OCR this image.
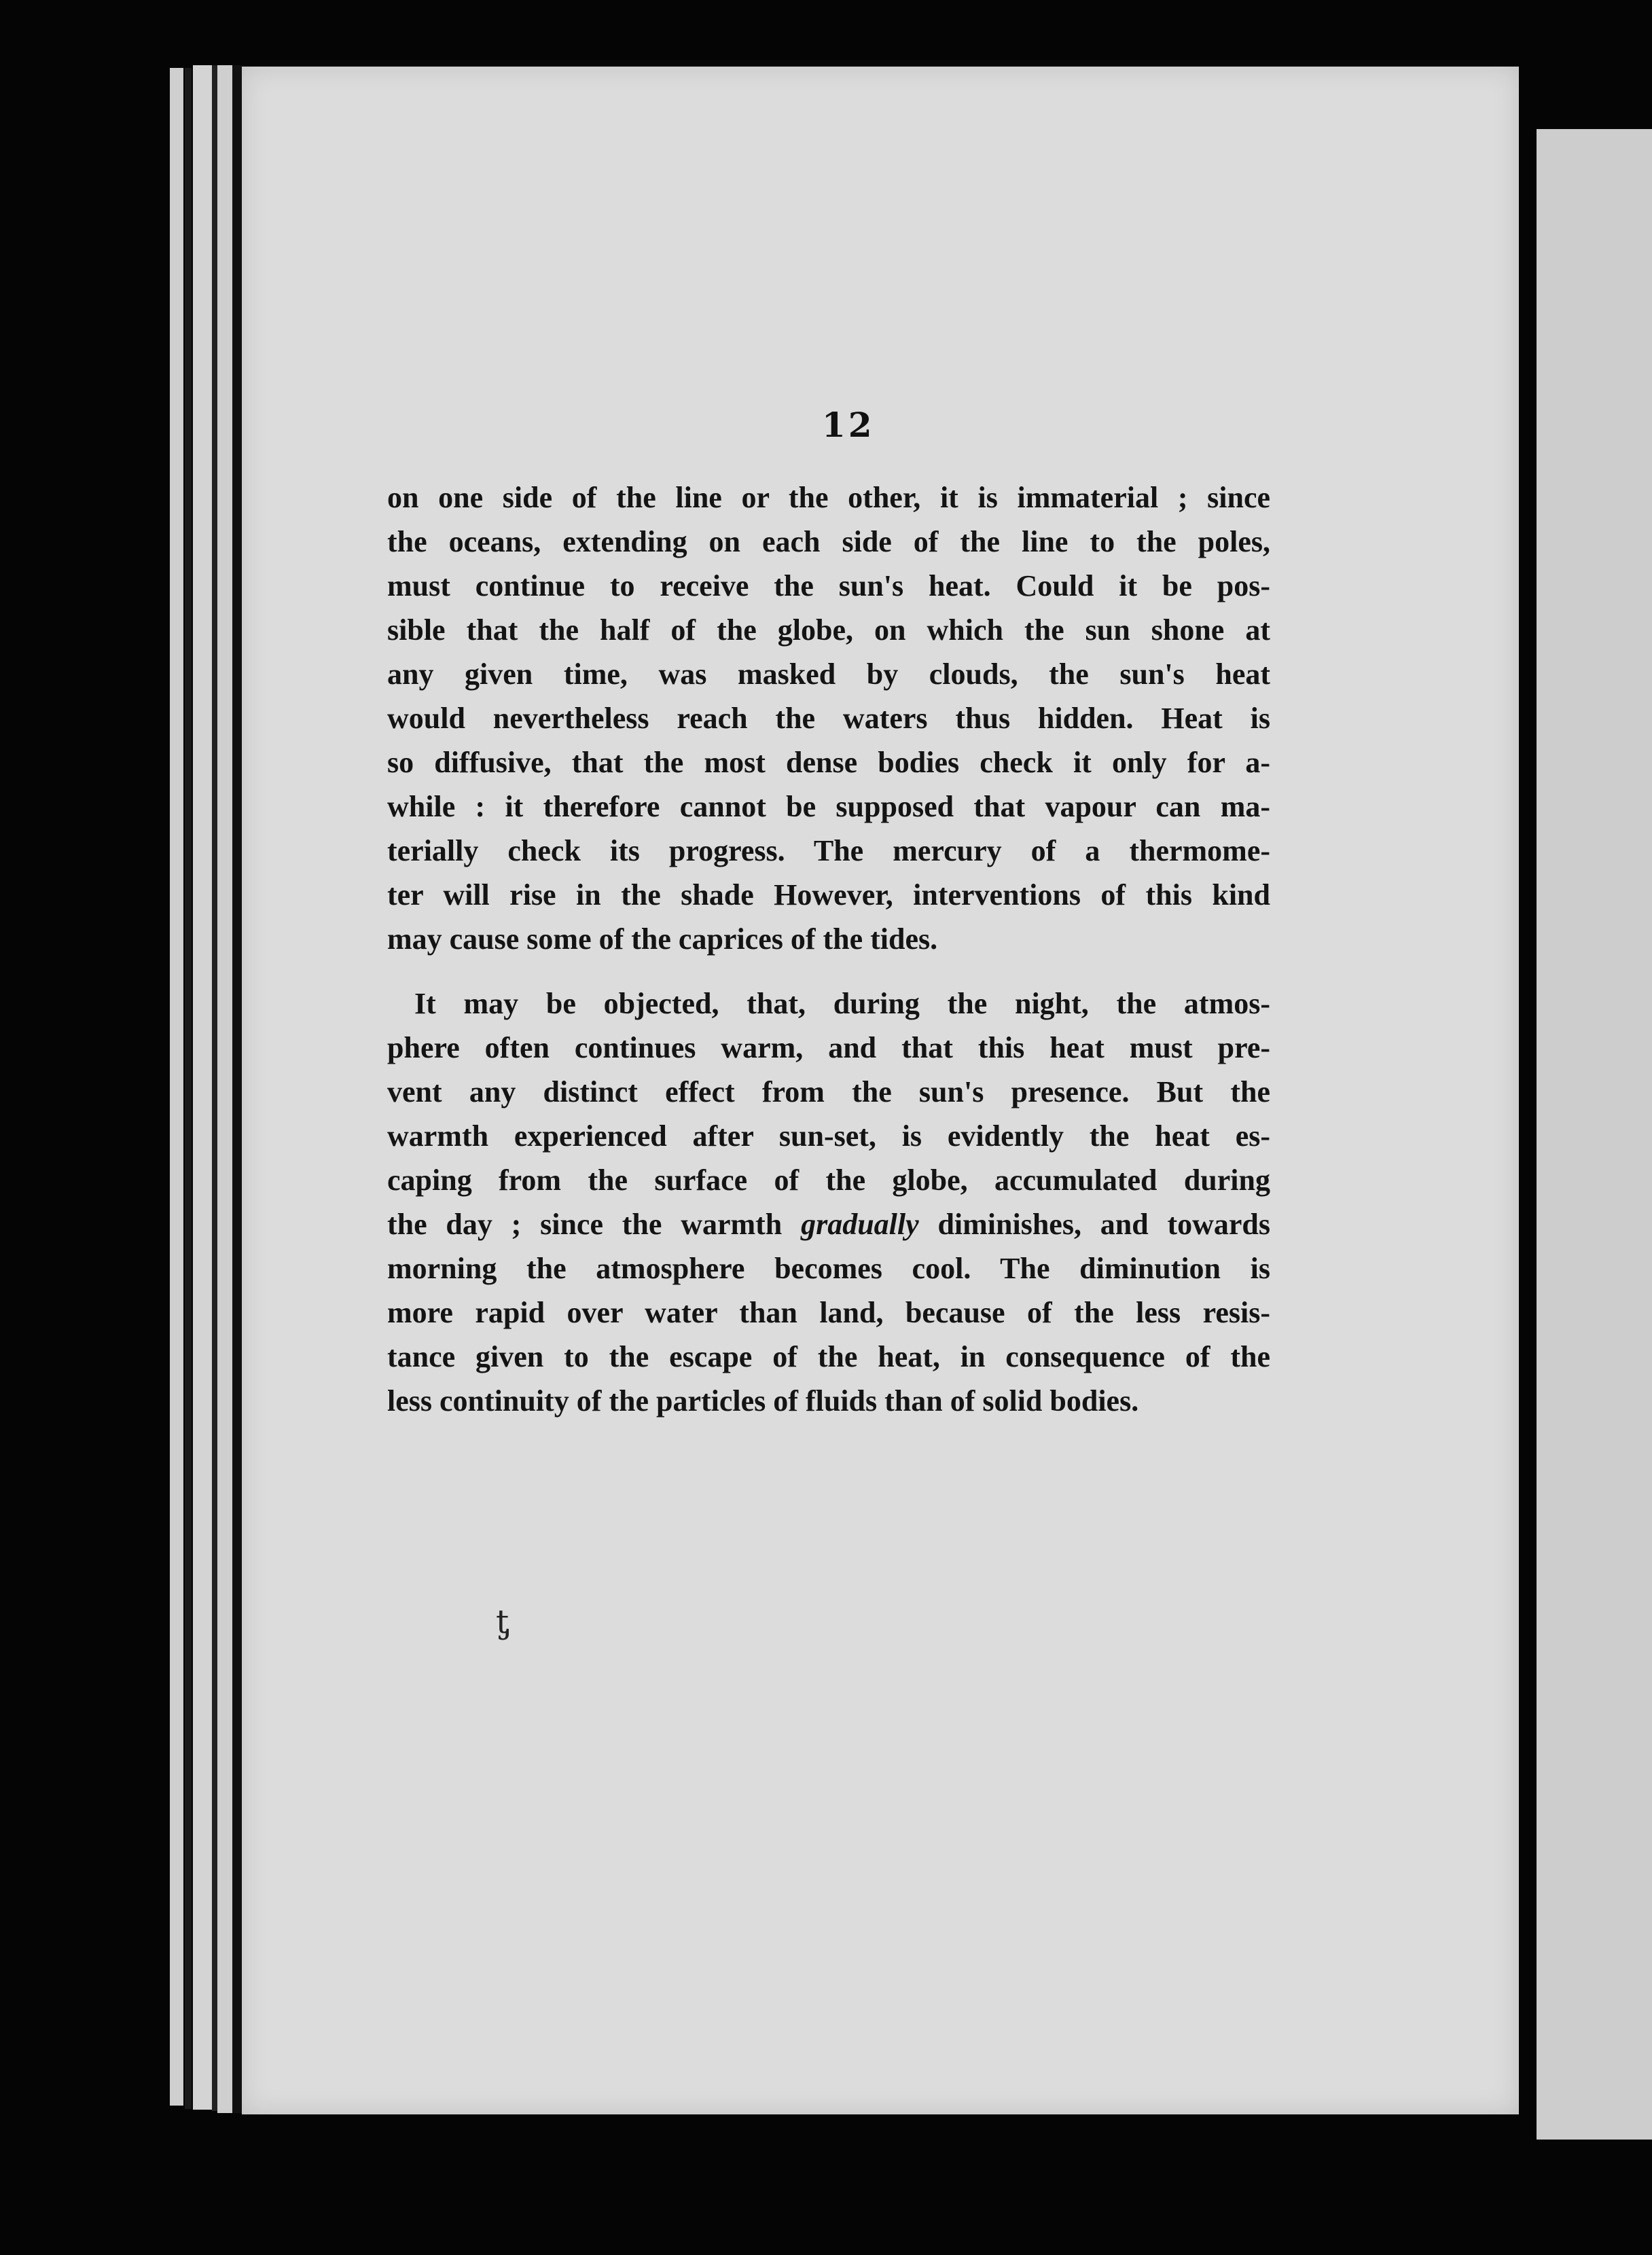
12
on one side of the line or the other, it is immaterial ; since
the oceans, extending on each side of the line to the poles,
must continue to receive the sun's heat. Could it be pos-
sible that the half of the globe, on which the sun shone at
any given time, was masked by clouds, the sun's heat
would nevertheless reach the waters thus hidden. Heat is
so diffusive, that the most dense bodies check it only for a-
while : it therefore cannot be supposed that vapour can ma-
terially check its progress. The mercury of a thermome-
ter will rise in the shade However, interventions of this kind
may cause some of the caprices of the tides.
It may be objected, that, during the night, the atmos-
phere often continues warm, and that this heat must pre-
vent any distinct effect from the sun's presence. But the
warmth experienced after sun-set, is evidently the heat es-
caping from the surface of the globe, accumulated during
the day ; since the warmth gradually diminishes, and towards
morning the atmosphere becomes cool. The diminution is
more rapid over water than land, because of the less resis-
tance given to the escape of the heat, in consequence of the
less continuity of the particles of fluids than of solid bodies.
ƫ
